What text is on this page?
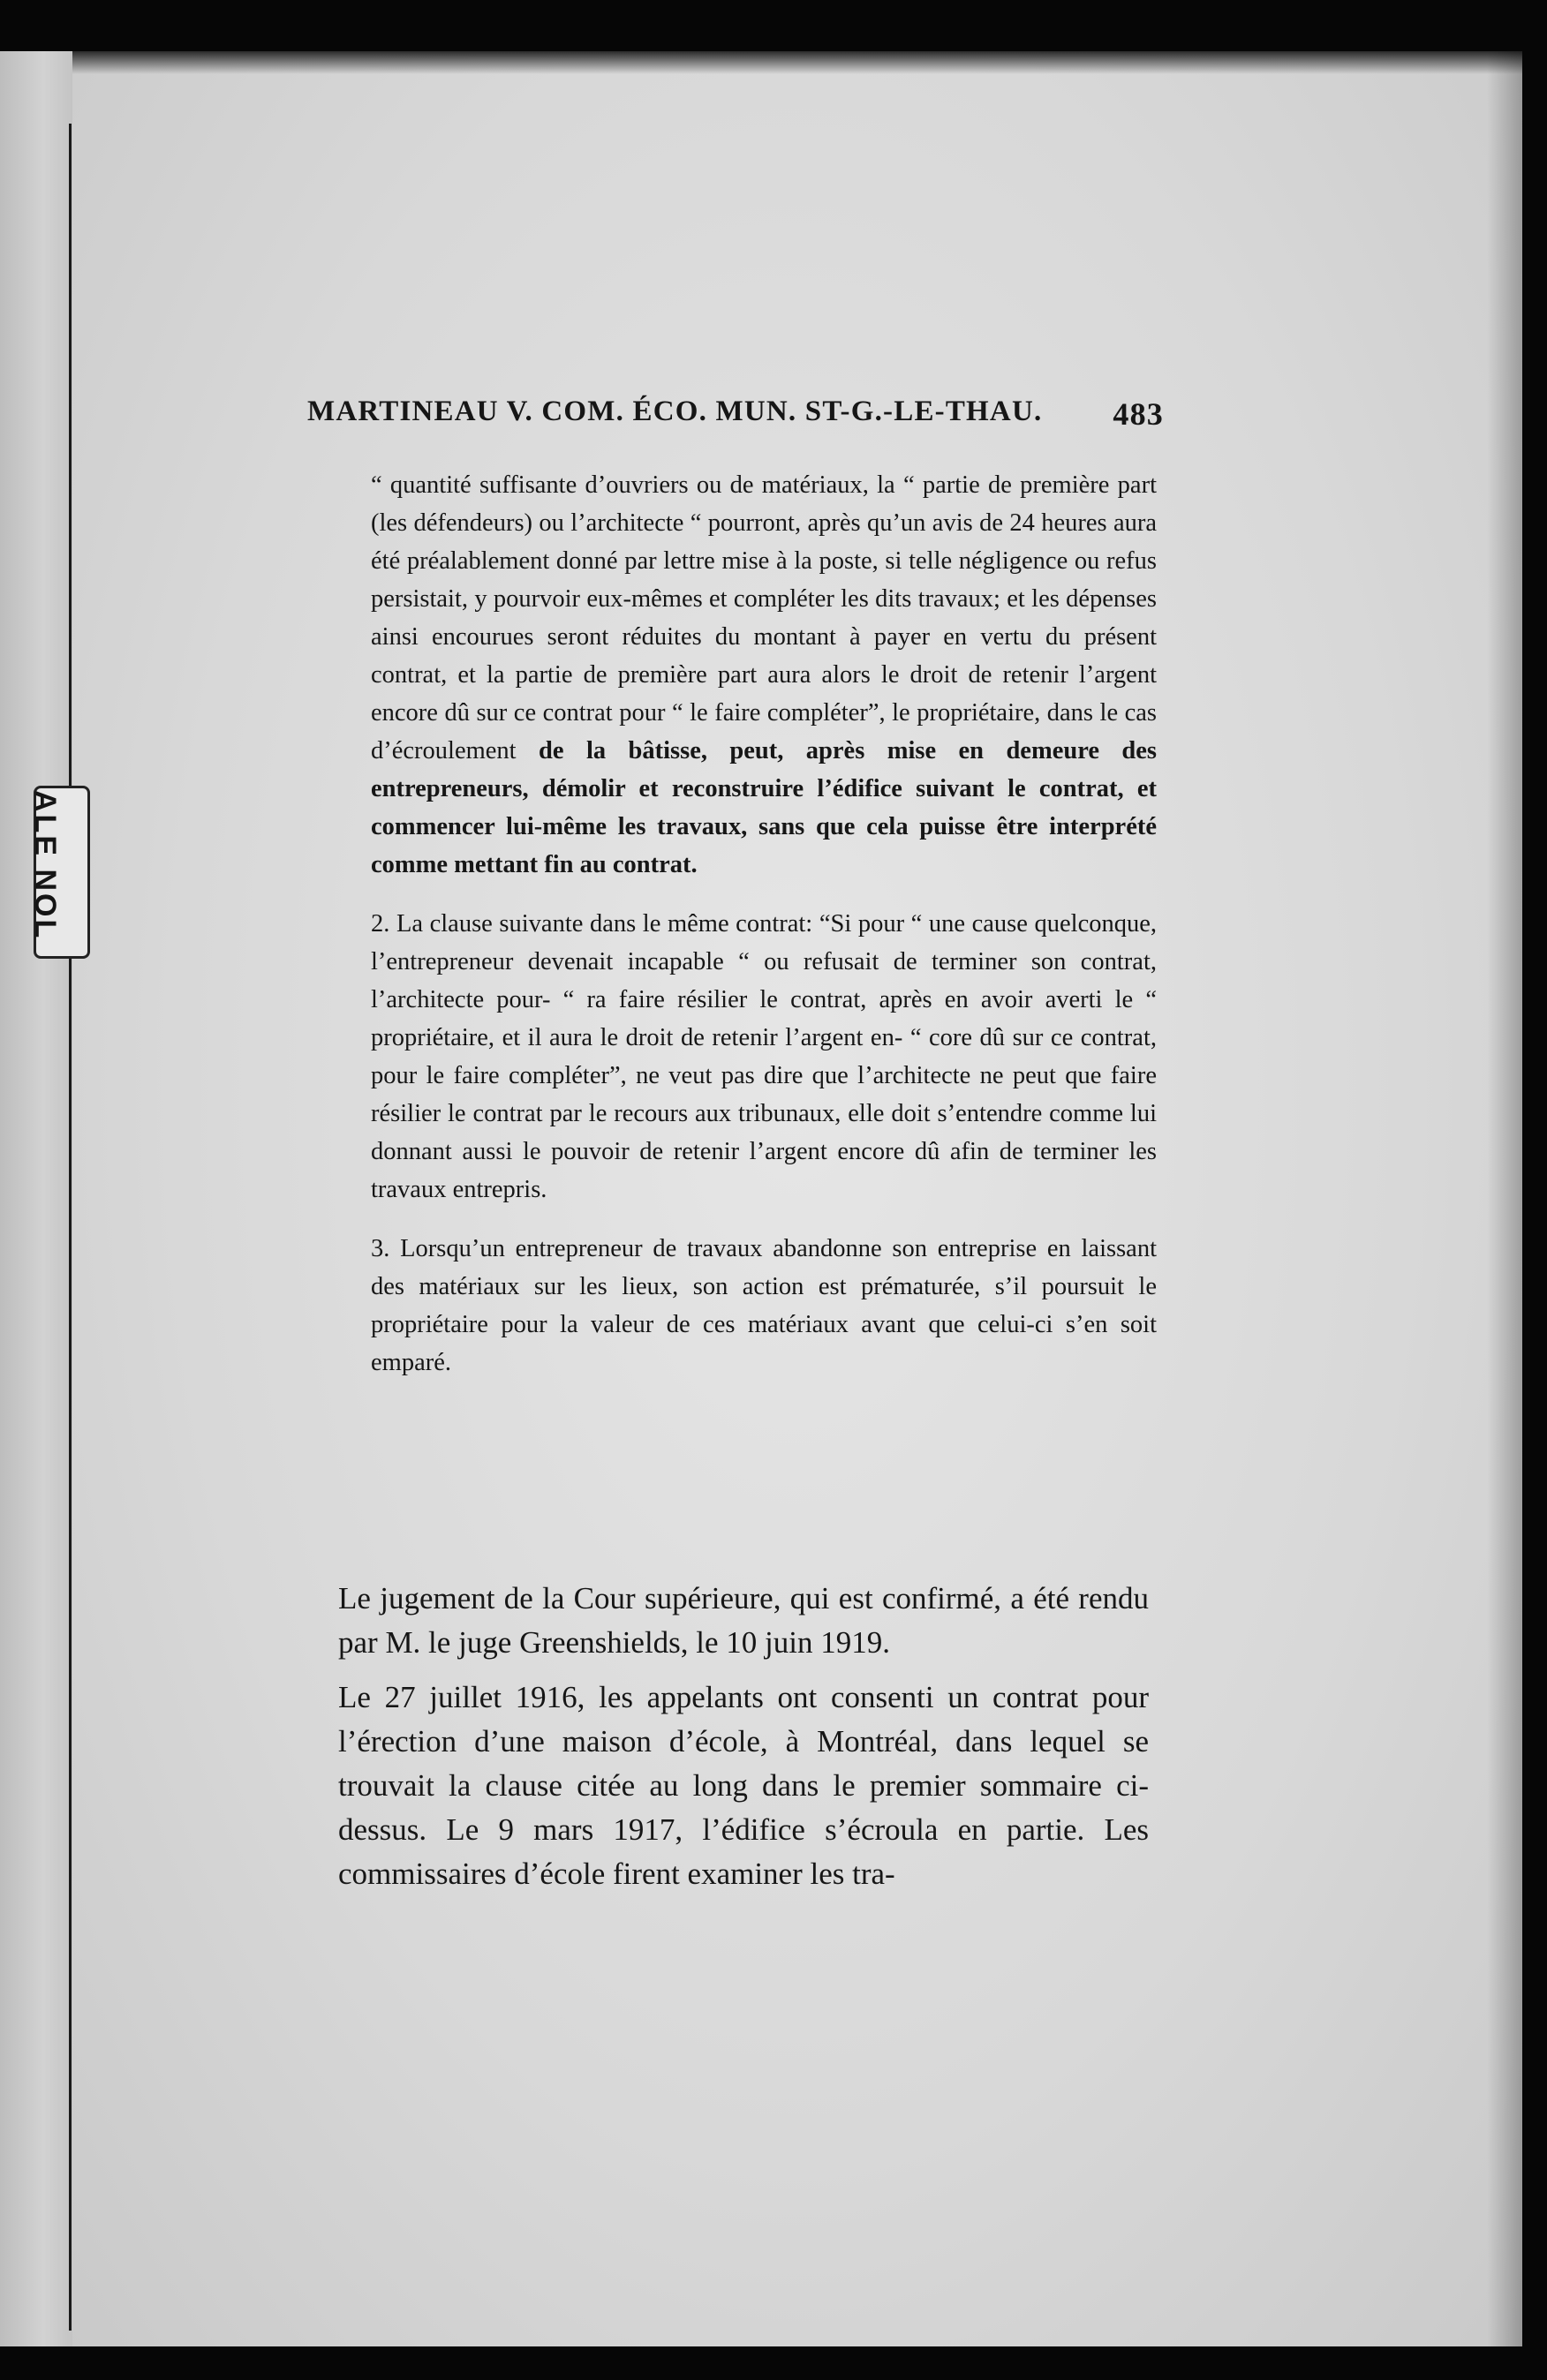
ALE NOL
MARTINEAU V. COM. ÉCO. MUN. ST-G.-LE-THAU. 483

“ quantité suffisante d’ouvriers ou de matériaux, la “ partie de première part (les défendeurs) ou l’architecte “ pourront, après qu’un avis de 24 heures aura été préalablement donné par lettre mise à la poste, si telle négligence ou refus persistait, y pourvoir eux-mêmes et compléter les dits travaux; et les dépenses ainsi encourues seront réduites du montant à payer en vertu du présent contrat, et la partie de première part aura alors le droit de retenir l’argent encore dû sur ce contrat pour “ le faire compléter”, le propriétaire, dans le cas d’écroulement de la bâtisse, peut, après mise en demeure des entrepreneurs, démolir et reconstruire l’édifice suivant le contrat, et commencer lui-même les travaux, sans que cela puisse être interprété comme mettant fin au contrat.

2. La clause suivante dans le même contrat: “Si pour “ une cause quelconque, l’entrepreneur devenait incapable “ ou refusait de terminer son contrat, l’architecte pour- “ ra faire résilier le contrat, après en avoir averti le “ propriétaire, et il aura le droit de retenir l’argent en- “ core dû sur ce contrat, pour le faire compléter”, ne veut pas dire que l’architecte ne peut que faire résilier le contrat par le recours aux tribunaux, elle doit s’entendre comme lui donnant aussi le pouvoir de retenir l’argent encore dû afin de terminer les travaux entrepris.

3. Lorsqu’un entrepreneur de travaux abandonne son entreprise en laissant des matériaux sur les lieux, son action est prématurée, s’il poursuit le propriétaire pour la valeur de ces matériaux avant que celui-ci s’en soit emparé.

Le jugement de la Cour supérieure, qui est confirmé, a été rendu par M. le juge Greenshields, le 10 juin 1919.

Le 27 juillet 1916, les appelants ont consenti un contrat pour l’érection d’une maison d’école, à Montréal, dans lequel se trouvait la clause citée au long dans le premier sommaire ci-dessus. Le 9 mars 1917, l’édifice s’écroula en partie. Les commissaires d’école firent examiner les tra-
